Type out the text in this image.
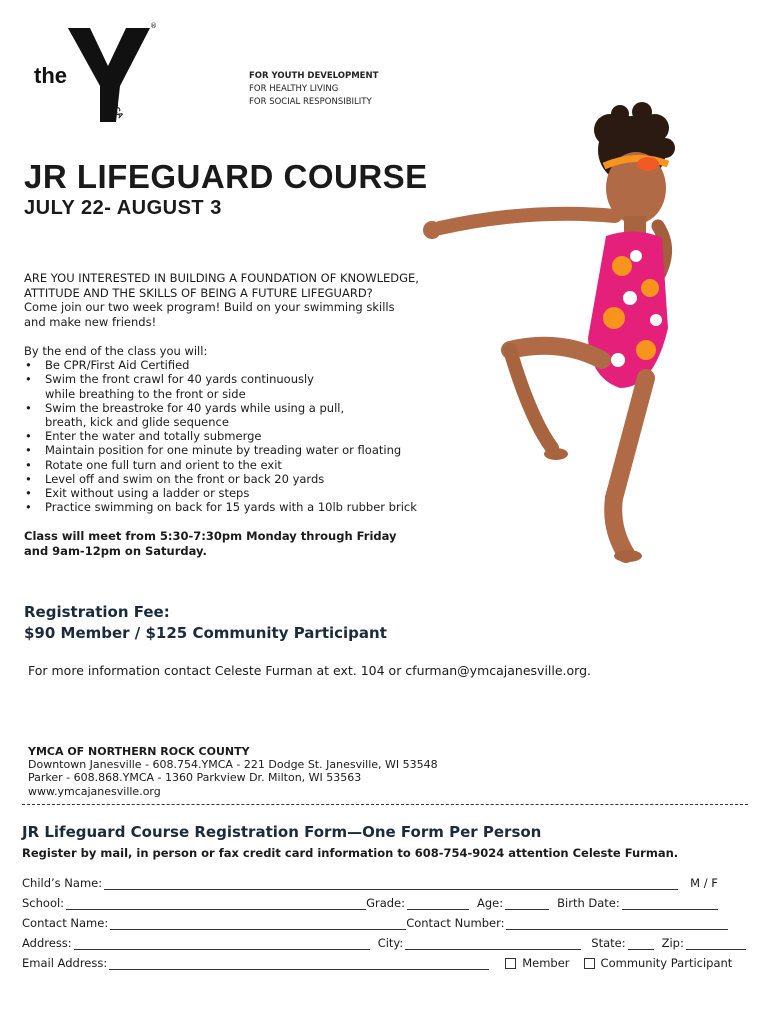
the
YMCA
®
FOR YOUTH DEVELOPMENT
FOR HEALTHY LIVING
FOR SOCIAL RESPONSIBILITY
JR LIFEGUARD COURSE
JULY 22- AUGUST 3
ARE YOU INTERESTED IN BUILDING A FOUNDATION OF KNOWLEDGE,
ATTITUDE AND THE SKILLS OF BEING A FUTURE LIFEGUARD?
Come join our two week program! Build on your swimming skills
and make new friends!
By the end of the class you will:
• Be CPR/First Aid Certified
• Swim the front crawl for 40 yards continuously
while breathing to the front or side
• Swim the breastroke for 40 yards while using a pull,
breath, kick and glide sequence
• Enter the water and totally submerge
• Maintain position for one minute by treading water or floating
• Rotate one full turn and orient to the exit
• Level off and swim on the front or back 20 yards
• Exit without using a ladder or steps
• Practice swimming on back for 15 yards with a 10lb rubber brick
Class will meet from 5:30-7:30pm Monday through Friday
and 9am-12pm on Saturday.
Registration Fee:
$90 Member / $125 Community Participant
For more information contact Celeste Furman at ext. 104 or cfurman@ymcajanesville.org.
YMCA OF NORTHERN ROCK COUNTY
Downtown Janesville - 608.754.YMCA - 221 Dodge St. Janesville, WI 53548
Parker - 608.868.YMCA - 1360 Parkview Dr. Milton, WI 53563
www.ymcajanesville.org
JR Lifeguard Course Registration Form—One Form Per Person
Register by mail, in person or fax credit card information to 608-754-9024 attention Celeste Furman.
Child’s Name:	M / F
School:	Grade:	Age:	Birth Date:
Contact Name:	Contact Number:
Address:	City:	State:	Zip:
Email Address:	Member	Community Participant
